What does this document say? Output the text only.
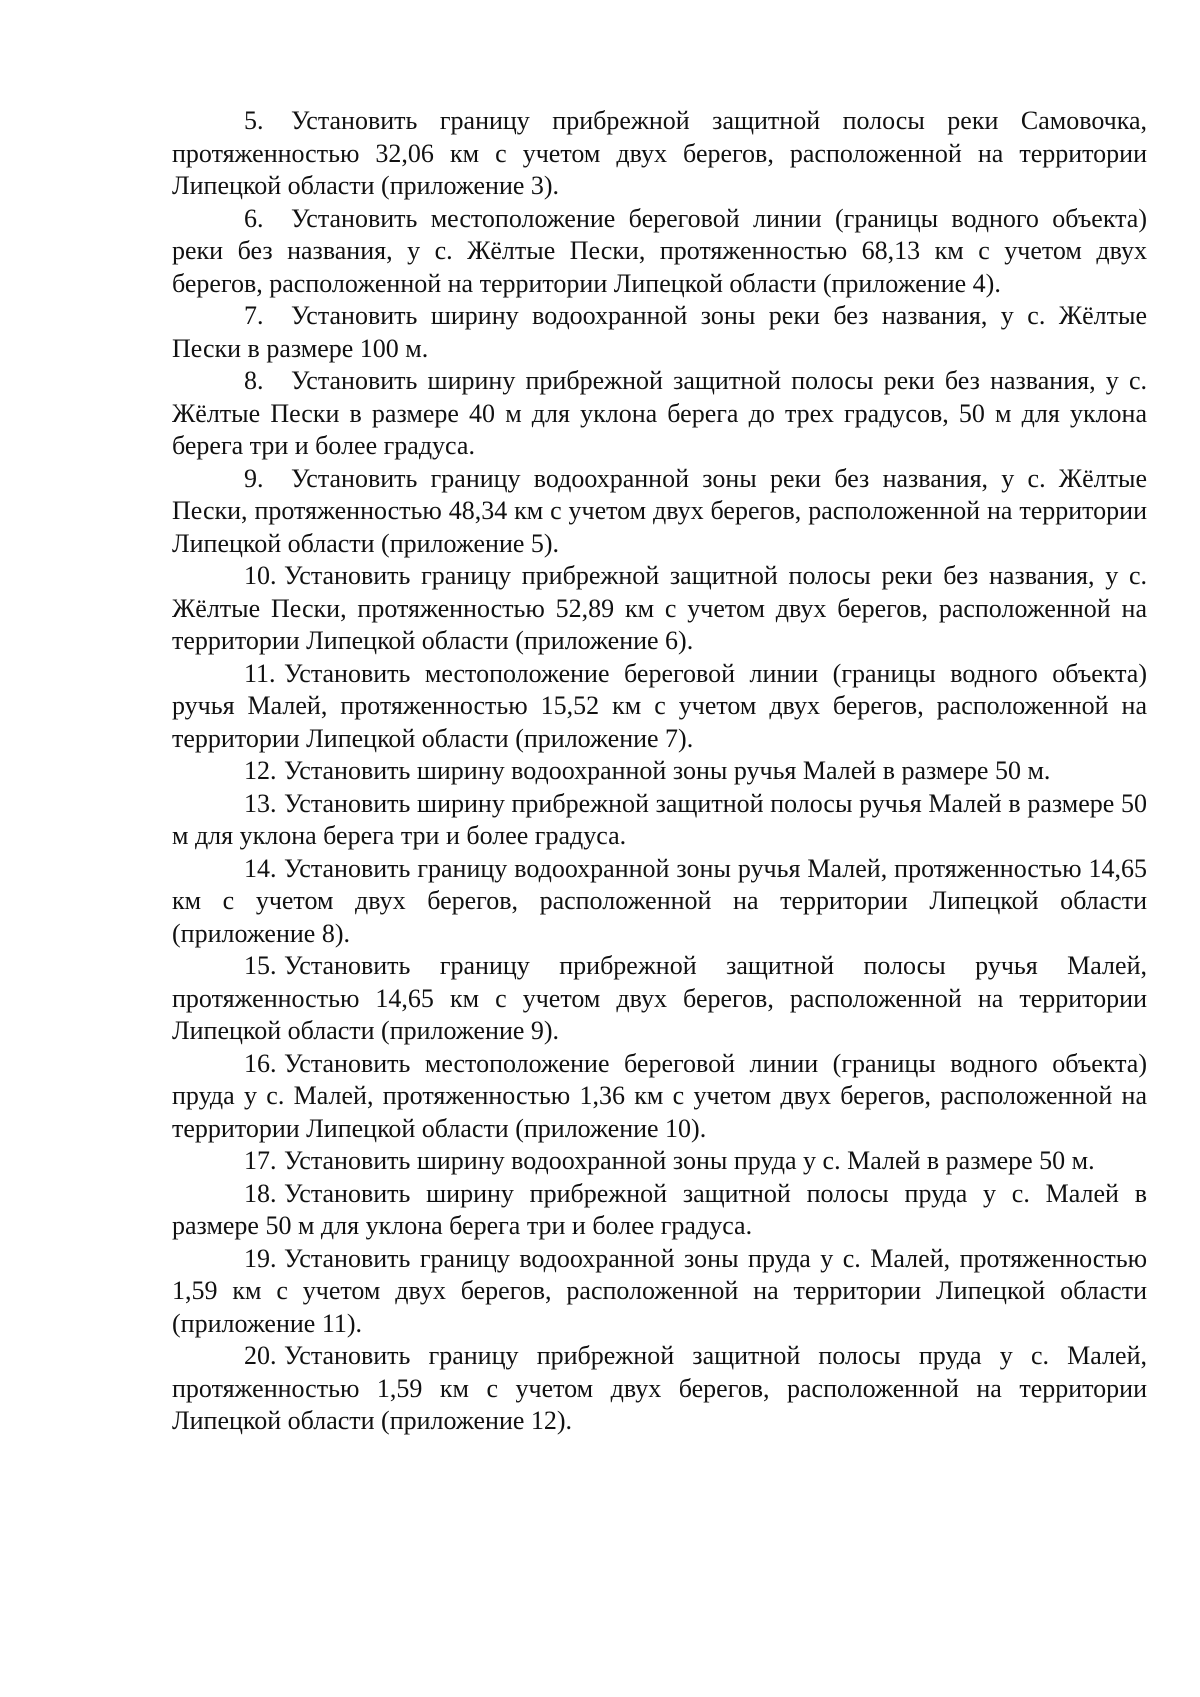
5. Установить границу прибрежной защитной полосы реки Самовочка, протяженностью 32,06 км с учетом двух берегов, расположенной на территории Липецкой области (приложение 3).

6. Установить местоположение береговой линии (границы водного объекта) реки без названия, у с. Жёлтые Пески, протяженностью 68,13 км с учетом двух берегов, расположенной на территории Липецкой области (приложение 4).

7. Установить ширину водоохранной зоны реки без названия, у с. Жёлтые Пески в размере 100 м.

8. Установить ширину прибрежной защитной полосы реки без названия, у с. Жёлтые Пески в размере 40 м для уклона берега до трех градусов, 50 м для уклона берега три и более градуса.

9. Установить границу водоохранной зоны реки без названия, у с. Жёлтые Пески, протяженностью 48,34 км с учетом двух берегов, расположенной на территории Липецкой области (приложение 5).

10. Установить границу прибрежной защитной полосы реки без названия, у с. Жёлтые Пески, протяженностью 52,89 км с учетом двух берегов, расположенной на территории Липецкой области (приложение 6).

11. Установить местоположение береговой линии (границы водного объекта) ручья Малей, протяженностью 15,52 км с учетом двух берегов, расположенной на территории Липецкой области (приложение 7).

12. Установить ширину водоохранной зоны ручья Малей в размере 50 м.

13. Установить ширину прибрежной защитной полосы ручья Малей в размере 50 м для уклона берега три и более градуса.

14. Установить границу водоохранной зоны ручья Малей, протяженностью 14,65 км с учетом двух берегов, расположенной на территории Липецкой области (приложение 8).

15. Установить границу прибрежной защитной полосы ручья Малей, протяженностью 14,65 км с учетом двух берегов, расположенной на территории Липецкой области (приложение 9).

16. Установить местоположение береговой линии (границы водного объекта) пруда у с. Малей, протяженностью 1,36 км с учетом двух берегов, расположенной на территории Липецкой области (приложение 10).

17. Установить ширину водоохранной зоны пруда у с. Малей в размере 50 м.

18. Установить ширину прибрежной защитной полосы пруда у с. Малей в размере 50 м для уклона берега три и более градуса.

19. Установить границу водоохранной зоны пруда у с. Малей, протяженностью 1,59 км с учетом двух берегов, расположенной на территории Липецкой области (приложение 11).

20. Установить границу прибрежной защитной полосы пруда у с. Малей, протяженностью 1,59 км с учетом двух берегов, расположенной на территории Липецкой области (приложение 12).
